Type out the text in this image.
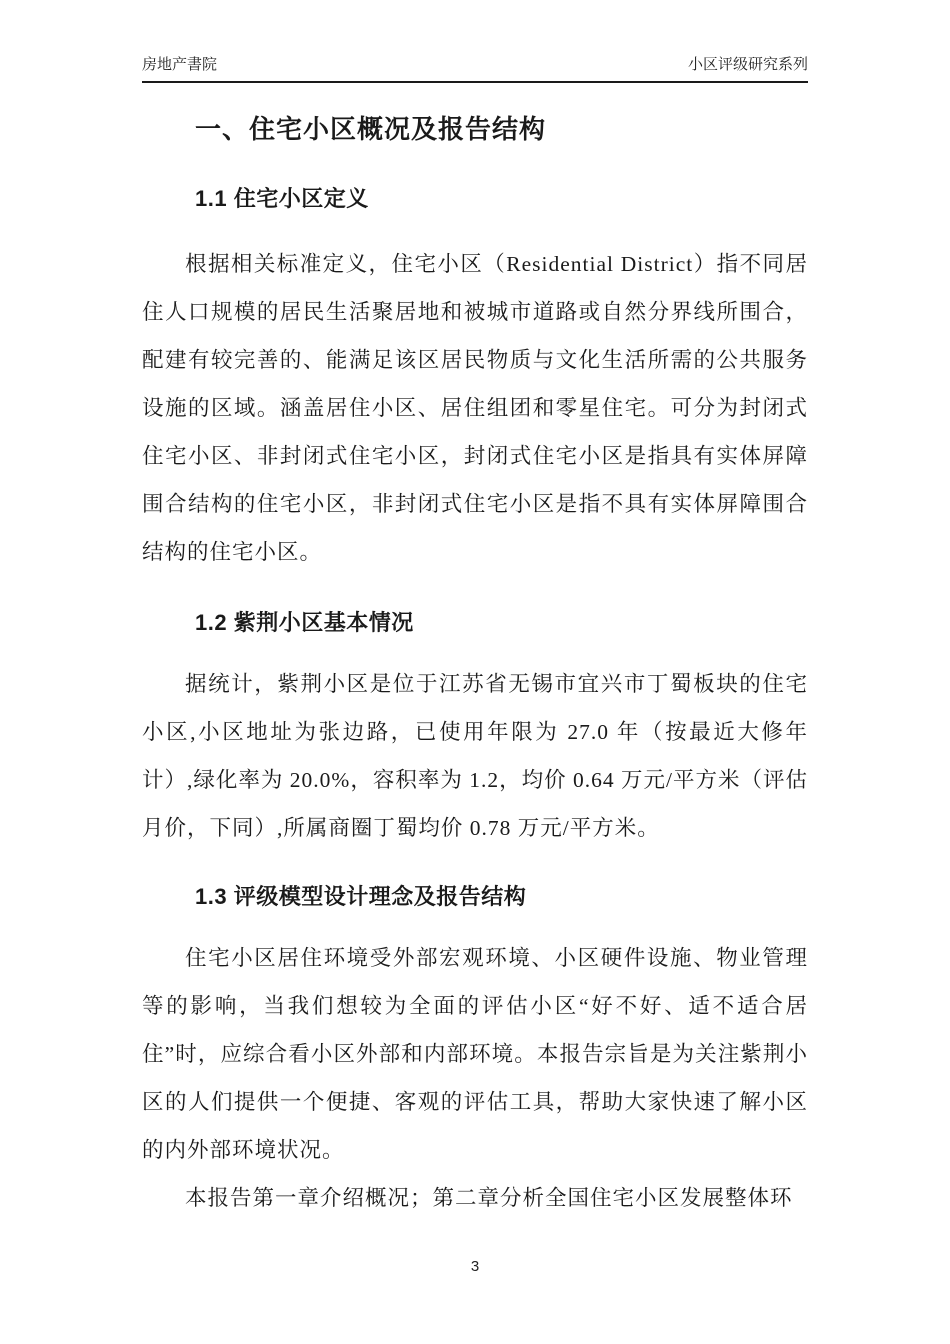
房地产書院	小区评级研究系列
一、住宅小区概况及报告结构
1.1 住宅小区定义

根据相关标准定义，住宅小区（Residential District）指不同居住人口规模的居民生活聚居地和被城市道路或自然分界线所围合，配建有较完善的、能满足该区居民物质与文化生活所需的公共服务设施的区域。涵盖居住小区、居住组团和零星住宅。可分为封闭式住宅小区、非封闭式住宅小区，封闭式住宅小区是指具有实体屏障围合结构的住宅小区，非封闭式住宅小区是指不具有实体屏障围合结构的住宅小区。

1.2 紫荆小区基本情况

据统计，紫荆小区是位于江苏省无锡市宜兴市丁蜀板块的住宅小区,小区地址为张边路，已使用年限为 27.0 年（按最近大修年计）,绿化率为 20.0%，容积率为 1.2，均价 0.64 万元/平方米（评估月价，下同）,所属商圈丁蜀均价 0.78 万元/平方米。

1.3 评级模型设计理念及报告结构

住宅小区居住环境受外部宏观环境、小区硬件设施、物业管理等的影响，当我们想较为全面的评估小区“好不好、适不适合居住”时，应综合看小区外部和内部环境。本报告宗旨是为关注紫荆小区的人们提供一个便捷、客观的评估工具，帮助大家快速了解小区的内外部环境状况。

本报告第一章介绍概况；第二章分析全国住宅小区发展整体环

3
